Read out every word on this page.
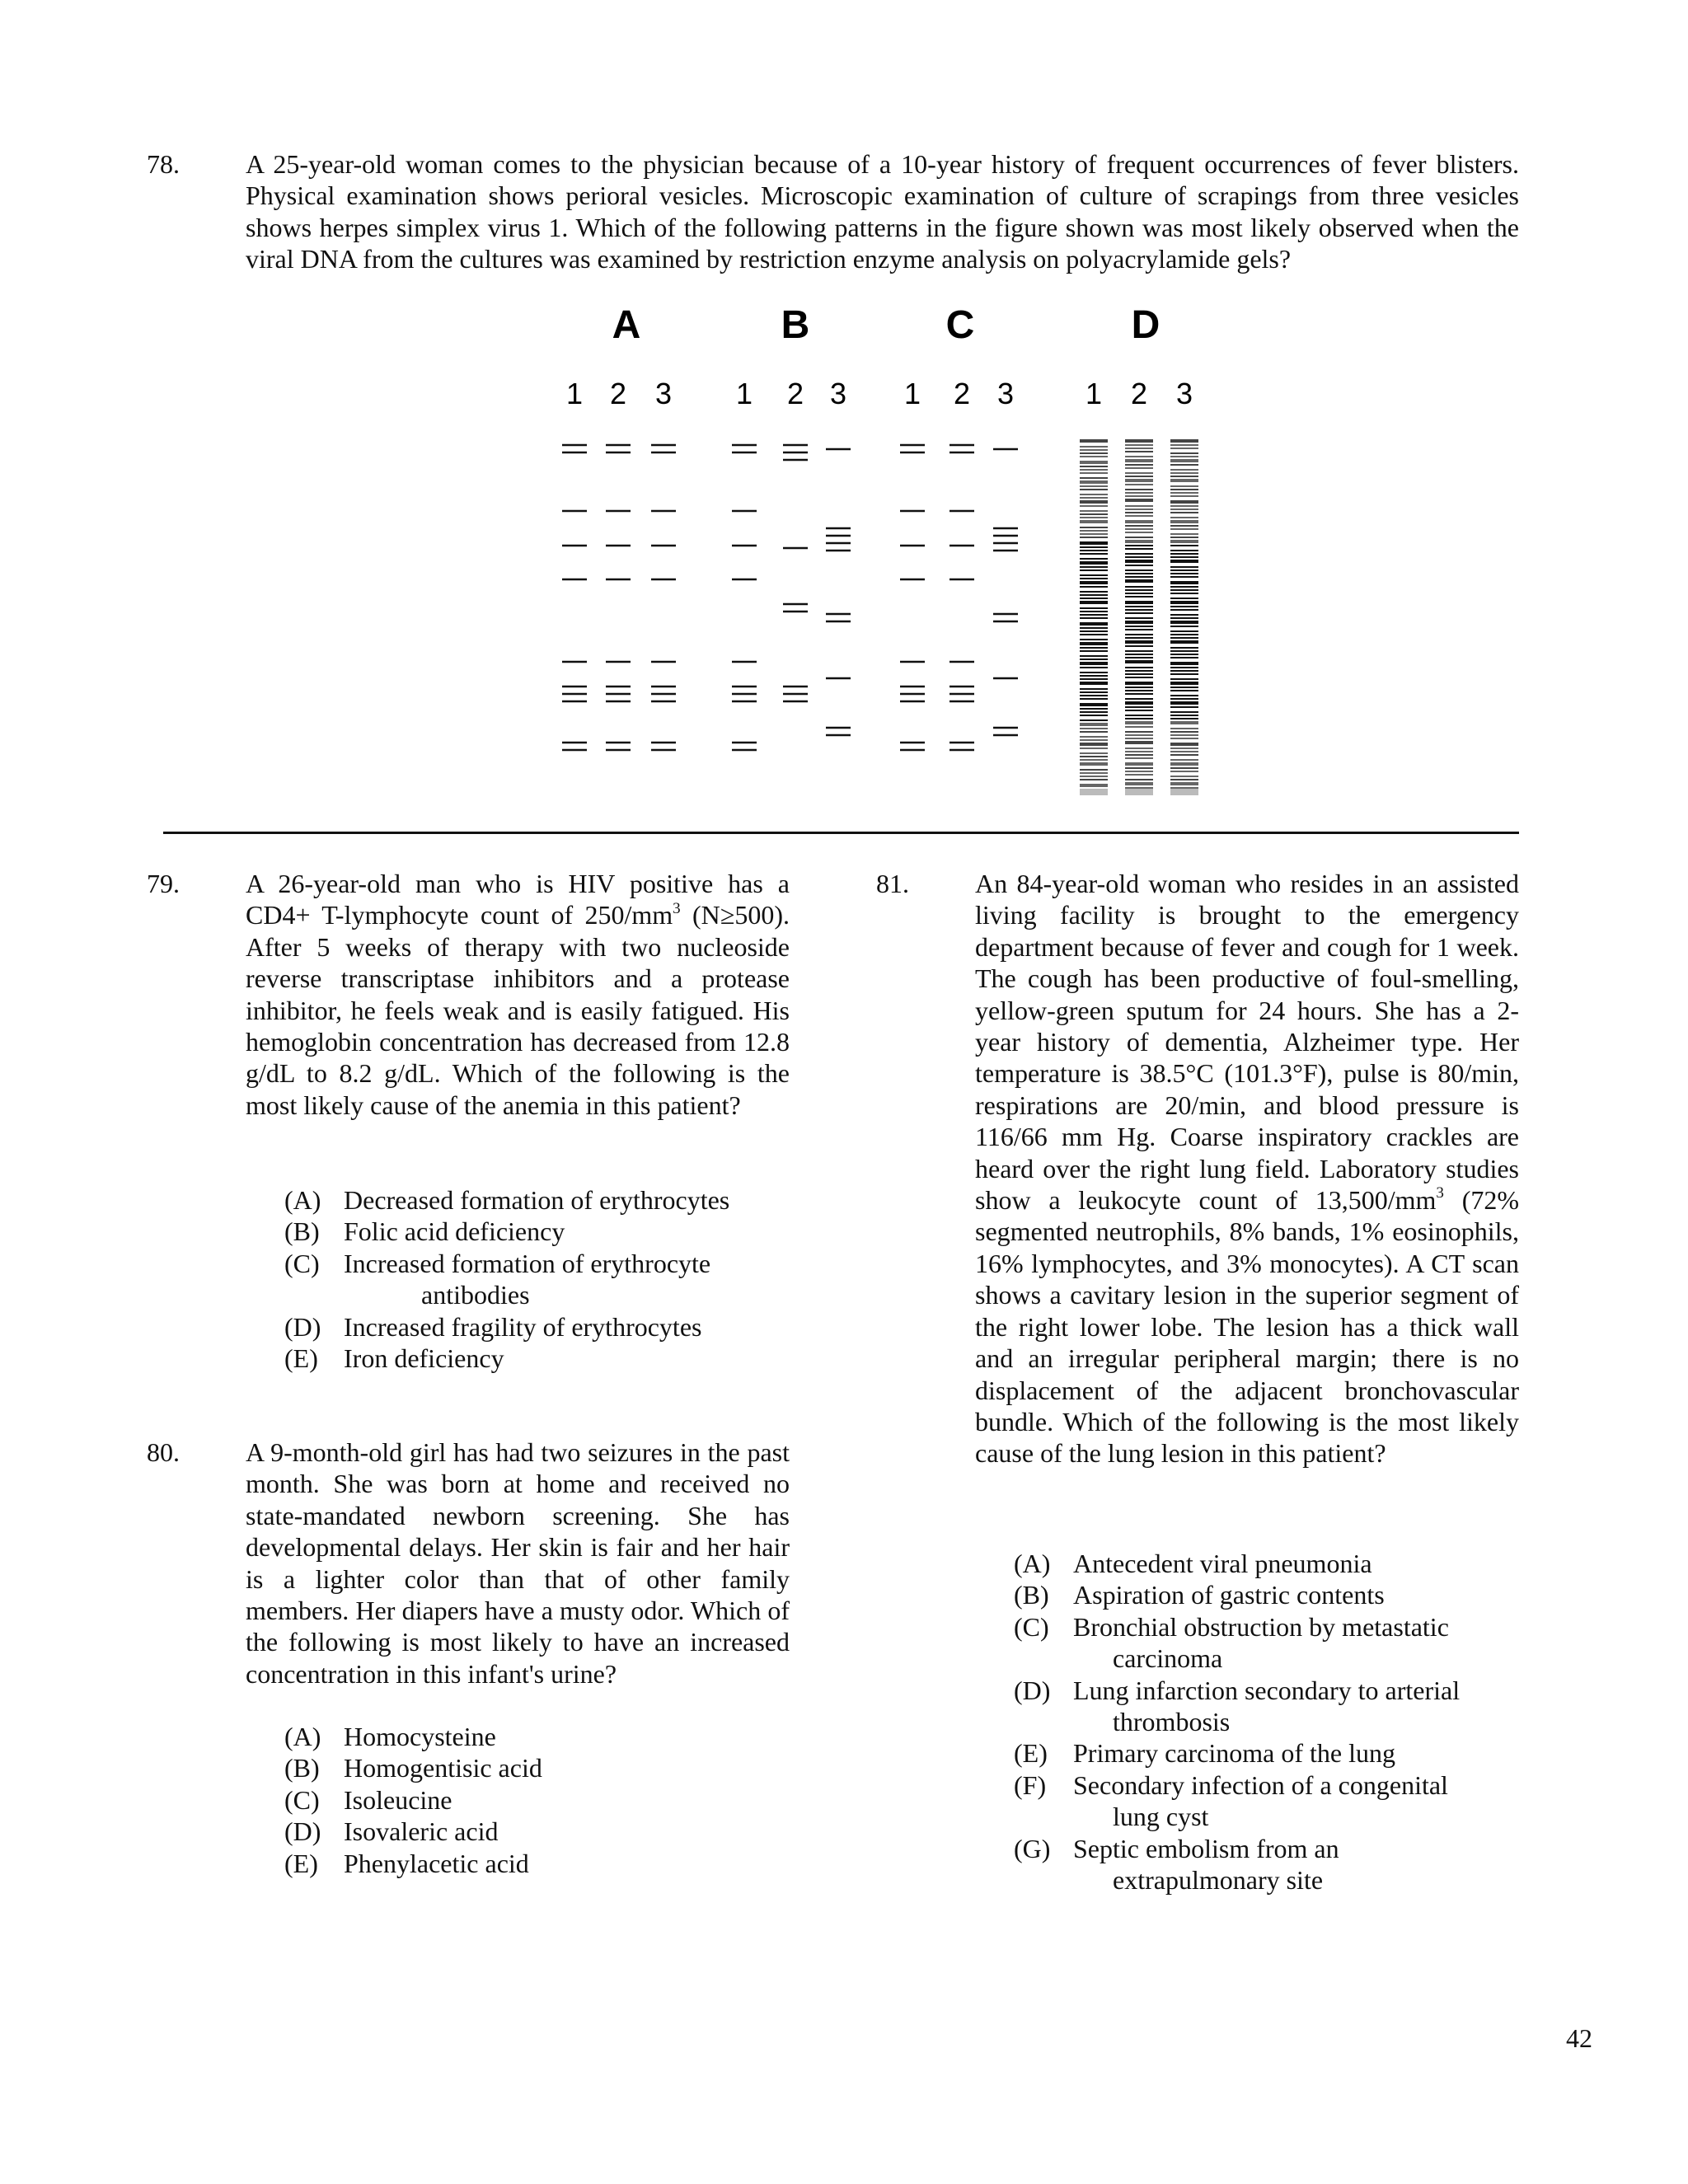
78.	A 25-year-old woman comes to the physician because of a 10-year history of frequent occurrences of fever blisters. Physical examination shows perioral vesicles. Microscopic examination of culture of scrapings from three vesicles shows herpes simplex virus 1. Which of the following patterns in the figure shown was most likely observed when the viral DNA from the cultures was examined by restriction enzyme analysis on polyacrylamide gels?
A	B	C	D
1 2 3 1 2 3 1 2 3 1 2 3
79.	A 26-year-old man who is HIV positive has a CD4+ T-lymphocyte count of $250/mm^3$ (N≥500). After 5 weeks of therapy with two nucleoside reverse transcriptase inhibitors and a protease inhibitor, he feels weak and is easily fatigued. His hemoglobin concentration has decreased from 12.8 g/dL to 8.2 g/dL. Which of the following is the most likely cause of the anemia in this patient?
(A) Decreased formation of erythrocytes
(B) Folic acid deficiency
(C) Increased formation of erythrocyte
antibodies
(D) Increased fragility of erythrocytes
(E) Iron deficiency
80.	A 9-month-old girl has had two seizures in the past month. She was born at home and received no state-mandated newborn screening. She has developmental delays. Her skin is fair and her hair is a lighter color than that of other family members. Her diapers have a musty odor. Which of the following is most likely to have an increased concentration in this infant's urine?
(A) Homocysteine
(B) Homogentisic acid
(C) Isoleucine
(D) Isovaleric acid
(E) Phenylacetic acid
81.	An 84-year-old woman who resides in an assisted living facility is brought to the emergency department because of fever and cough for 1 week. The cough has been productive of foul-smelling, yellow-green sputum for 24 hours. She has a 2-year history of dementia, Alzheimer type. Her temperature is 38.5°C (101.3°F), pulse is 80/min, respirations are 20/min, and blood pressure is 116/66 mm Hg. Coarse inspiratory crackles are heard over the right lung field. Laboratory studies show a leukocyte count of $13,500/mm^3$ (72% segmented neutrophils, 8% bands, 1% eosinophils, 16% lymphocytes, and 3% monocytes). A CT scan shows a cavitary lesion in the superior segment of the right lower lobe. The lesion has a thick wall and an irregular peripheral margin; there is no displacement of the adjacent bronchovascular bundle. Which of the following is the most likely cause of the lung lesion in this patient?
(A) Antecedent viral pneumonia
(B) Aspiration of gastric contents
(C) Bronchial obstruction by metastatic
carcinoma
(D) Lung infarction secondary to arterial
thrombosis
(E) Primary carcinoma of the lung
(F)	Secondary infection of a congenital
lung cyst
(G) Septic embolism from an
extrapulmonary site
42
